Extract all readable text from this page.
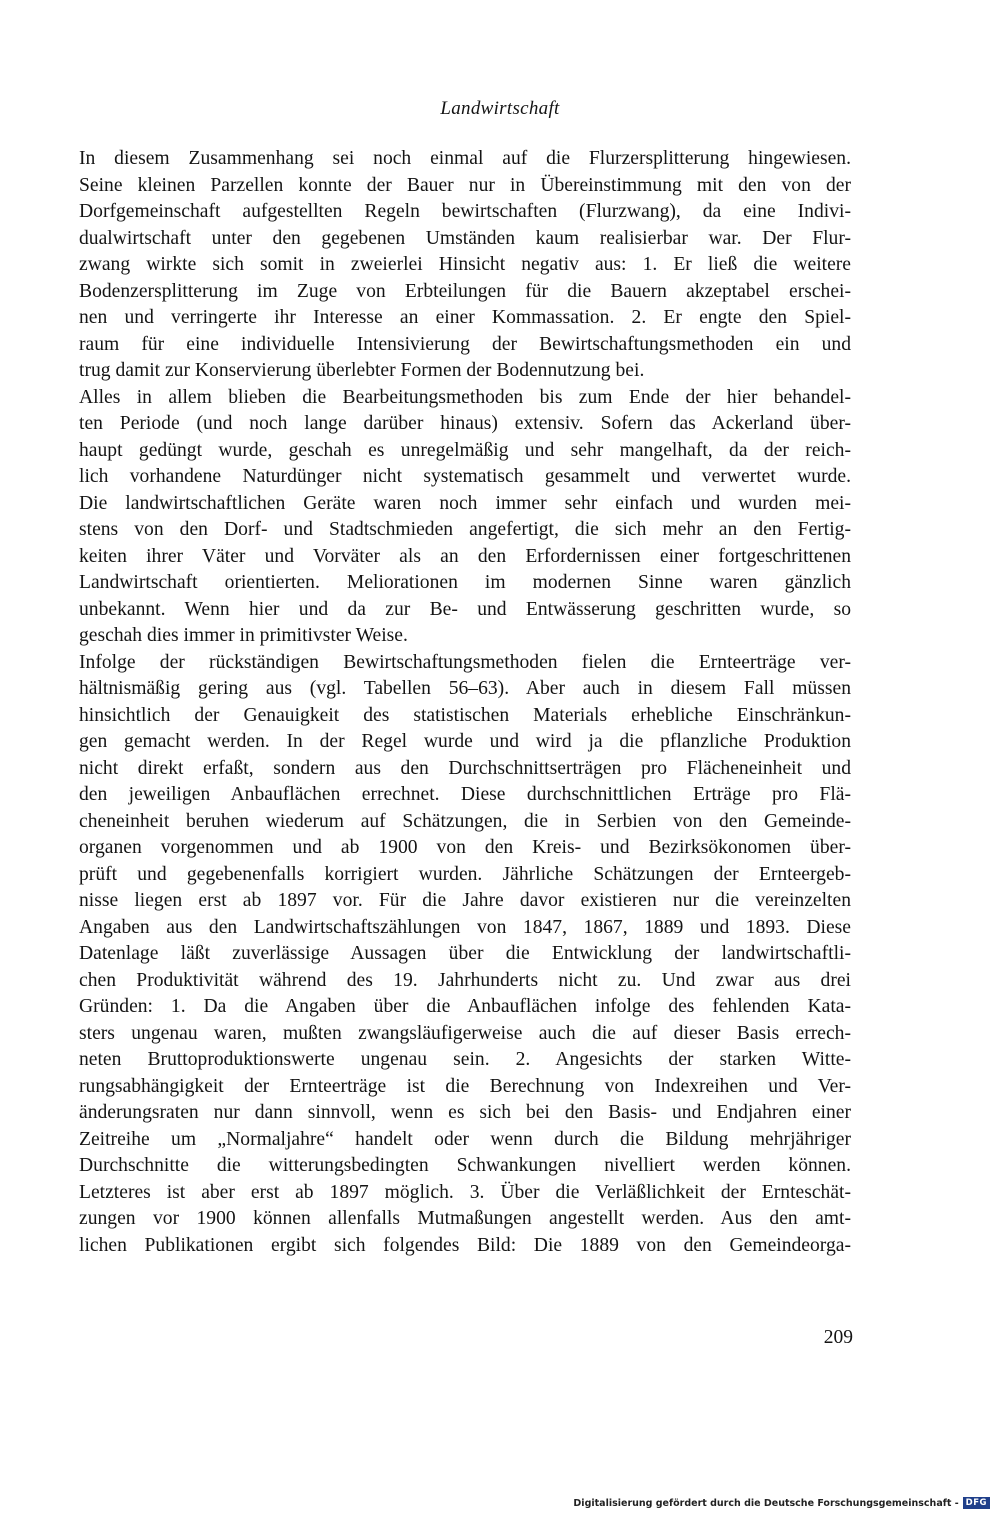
Landwirtschaft
In diesem Zusammenhang sei noch einmal auf die Flurzersplitterung hingewiesen.
Seine kleinen Parzellen konnte der Bauer nur in Übereinstimmung mit den von der
Dorfgemeinschaft aufgestellten Regeln bewirtschaften (Flurzwang), da eine Indivi-
dualwirtschaft unter den gegebenen Umständen kaum realisierbar war. Der Flur-
zwang wirkte sich somit in zweierlei Hinsicht negativ aus: 1. Er ließ die weitere
Bodenzersplitterung im Zuge von Erbteilungen für die Bauern akzeptabel erschei-
nen und verringerte ihr Interesse an einer Kommassation. 2. Er engte den Spiel-
raum für eine individuelle Intensivierung der Bewirtschaftungsmethoden ein und
trug damit zur Konservierung überlebter Formen der Bodennutzung bei.
Alles in allem blieben die Bearbeitungsmethoden bis zum Ende der hier behandel-
ten Periode (und noch lange darüber hinaus) extensiv. Sofern das Ackerland über-
haupt gedüngt wurde, geschah es unregelmäßig und sehr mangelhaft, da der reich-
lich vorhandene Naturdünger nicht systematisch gesammelt und verwertet wurde.
Die landwirtschaftlichen Geräte waren noch immer sehr einfach und wurden mei-
stens von den Dorf- und Stadtschmieden angefertigt, die sich mehr an den Fertig-
keiten ihrer Väter und Vorväter als an den Erfordernissen einer fortgeschrittenen
Landwirtschaft orientierten. Meliorationen im modernen Sinne waren gänzlich
unbekannt. Wenn hier und da zur Be- und Entwässerung geschritten wurde, so
geschah dies immer in primitivster Weise.
Infolge der rückständigen Bewirtschaftungsmethoden fielen die Ernteerträge ver-
hältnismäßig gering aus (vgl. Tabellen 56–63). Aber auch in diesem Fall müssen
hinsichtlich der Genauigkeit des statistischen Materials erhebliche Einschränkun-
gen gemacht werden. In der Regel wurde und wird ja die pflanzliche Produktion
nicht direkt erfaßt, sondern aus den Durchschnittserträgen pro Flächeneinheit und
den jeweiligen Anbauflächen errechnet. Diese durchschnittlichen Erträge pro Flä-
cheneinheit beruhen wiederum auf Schätzungen, die in Serbien von den Gemeinde-
organen vorgenommen und ab 1900 von den Kreis- und Bezirksökonomen über-
prüft und gegebenenfalls korrigiert wurden. Jährliche Schätzungen der Ernteergeb-
nisse liegen erst ab 1897 vor. Für die Jahre davor existieren nur die vereinzelten
Angaben aus den Landwirtschaftszählungen von 1847, 1867, 1889 und 1893. Diese
Datenlage läßt zuverlässige Aussagen über die Entwicklung der landwirtschaftli-
chen Produktivität während des 19. Jahrhunderts nicht zu. Und zwar aus drei
Gründen: 1. Da die Angaben über die Anbauflächen infolge des fehlenden Kata-
sters ungenau waren, mußten zwangsläufigerweise auch die auf dieser Basis errech-
neten Bruttoproduktionswerte ungenau sein. 2. Angesichts der starken Witte-
rungsabhängigkeit der Ernteerträge ist die Berechnung von Indexreihen und Ver-
änderungsraten nur dann sinnvoll, wenn es sich bei den Basis- und Endjahren einer
Zeitreihe um „Normaljahre“ handelt oder wenn durch die Bildung mehrjähriger
Durchschnitte die witterungsbedingten Schwankungen nivelliert werden können.
Letzteres ist aber erst ab 1897 möglich. 3. Über die Verläßlichkeit der Ernteschät-
zungen vor 1900 können allenfalls Mutmaßungen angestellt werden. Aus den amt-
lichen Publikationen ergibt sich folgendes Bild: Die 1889 von den Gemeindeorga-
209
Digitalisierung gefördert durch die Deutsche Forschungsgemeinschaft - DFG
